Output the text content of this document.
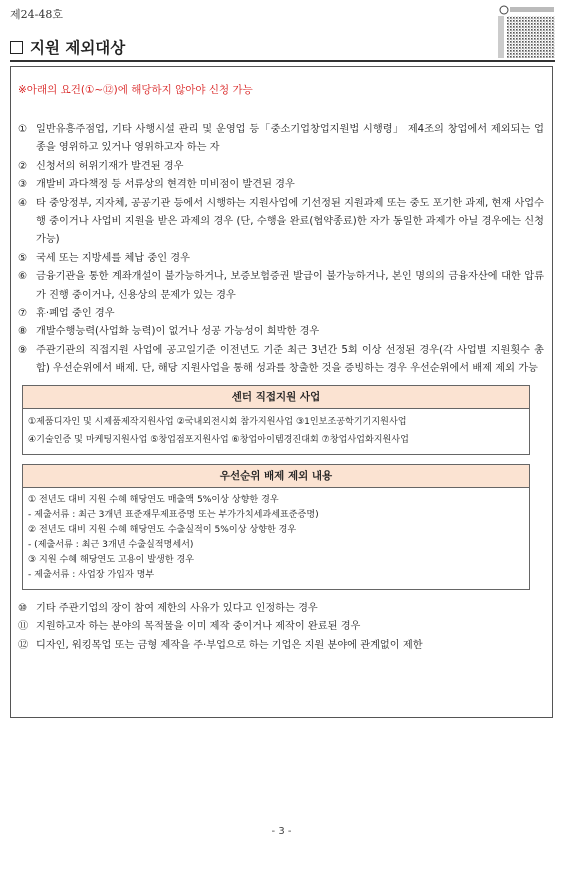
제24-48호
지원 제외대상
※아래의 요건(①~⑫)에 해당하지 않아야 신청 가능
① 일반유흥주점업, 기타 사행시설 관리 및 운영업 등「중소기업창업지원법 시행령」 제4조의 창업에서 제외되는 업종을 영위하고 있거나 영위하고자 하는 자
② 신청서의 허위기재가 발견된 경우
③ 개발비 과다책정 등 서류상의 현격한 미비점이 발견된 경우
④ 타 중앙정부, 지자체, 공공기관 등에서 시행하는 지원사업에 기선정된 지원과제 또는 중도 포기한 과제, 현재 사업수행 중이거나 사업비 지원을 받은 과제의 경우 (단, 수행을 완료(협약종료)한 자가 동일한 과제가 아닐 경우에는 신청 가능)
⑤ 국세 또는 지방세를 체납 중인 경우
⑥ 금융기관을 통한 계좌개설이 불가능하거나, 보증보험증권 발급이 불가능하거나, 본인 명의의 금융자산에 대한 압류가 진행 중이거나, 신용상의 문제가 있는 경우
⑦ 휴·폐업 중인 경우
⑧ 개발수행능력(사업화 능력)이 없거나 성공 가능성이 희박한 경우
⑨ 주관기관의 직접지원 사업에 공고일기준 이전년도 기준 최근 3년간 5회 이상 선정된 경우(각 사업별 지원횟수 총합) 우선순위에서 배제. 단, 해당 지원사업을 통해 성과를 창출한 것을 증빙하는 경우 우선순위에서 배제 제외 가능
센터 직접지원 사업
①제품디자인 및 시제품제작지원사업 ②국내외전시회 참가지원사업 ③1인보조공학기기지원사업
④기술인증 및 마케팅지원사업 ⑤창업점포지원사업 ⑥창업아이템경진대회 ⑦창업사업화지원사업
우선순위 배제 제외 내용
① 전년도 대비 지원 수혜 해당연도 매출액 5%이상 상향한 경우
- 제출서류 : 최근 3개년 표준재무제표증명 또는 부가가치세과세표준증명)
② 전년도 대비 지원 수혜 해당연도 수출실적이 5%이상 상향한 경우
- (제출서류 : 최근 3개년 수출실적명세서)
③ 지원 수혜 해당연도 고용이 발생한 경우
- 제출서류 : 사업장 가입자 명부
⑩ 기타 주관기업의 장이 참여 제한의 사유가 있다고 인정하는 경우
⑪ 지원하고자 하는 분야의 목적물을 이미 제작 중이거나 제작이 완료된 경우
⑫ 디자인, 워킹목업 또는 금형 제작을 주·부업으로 하는 기업은 지원 분야에 관계없이 제한
- 3 -
